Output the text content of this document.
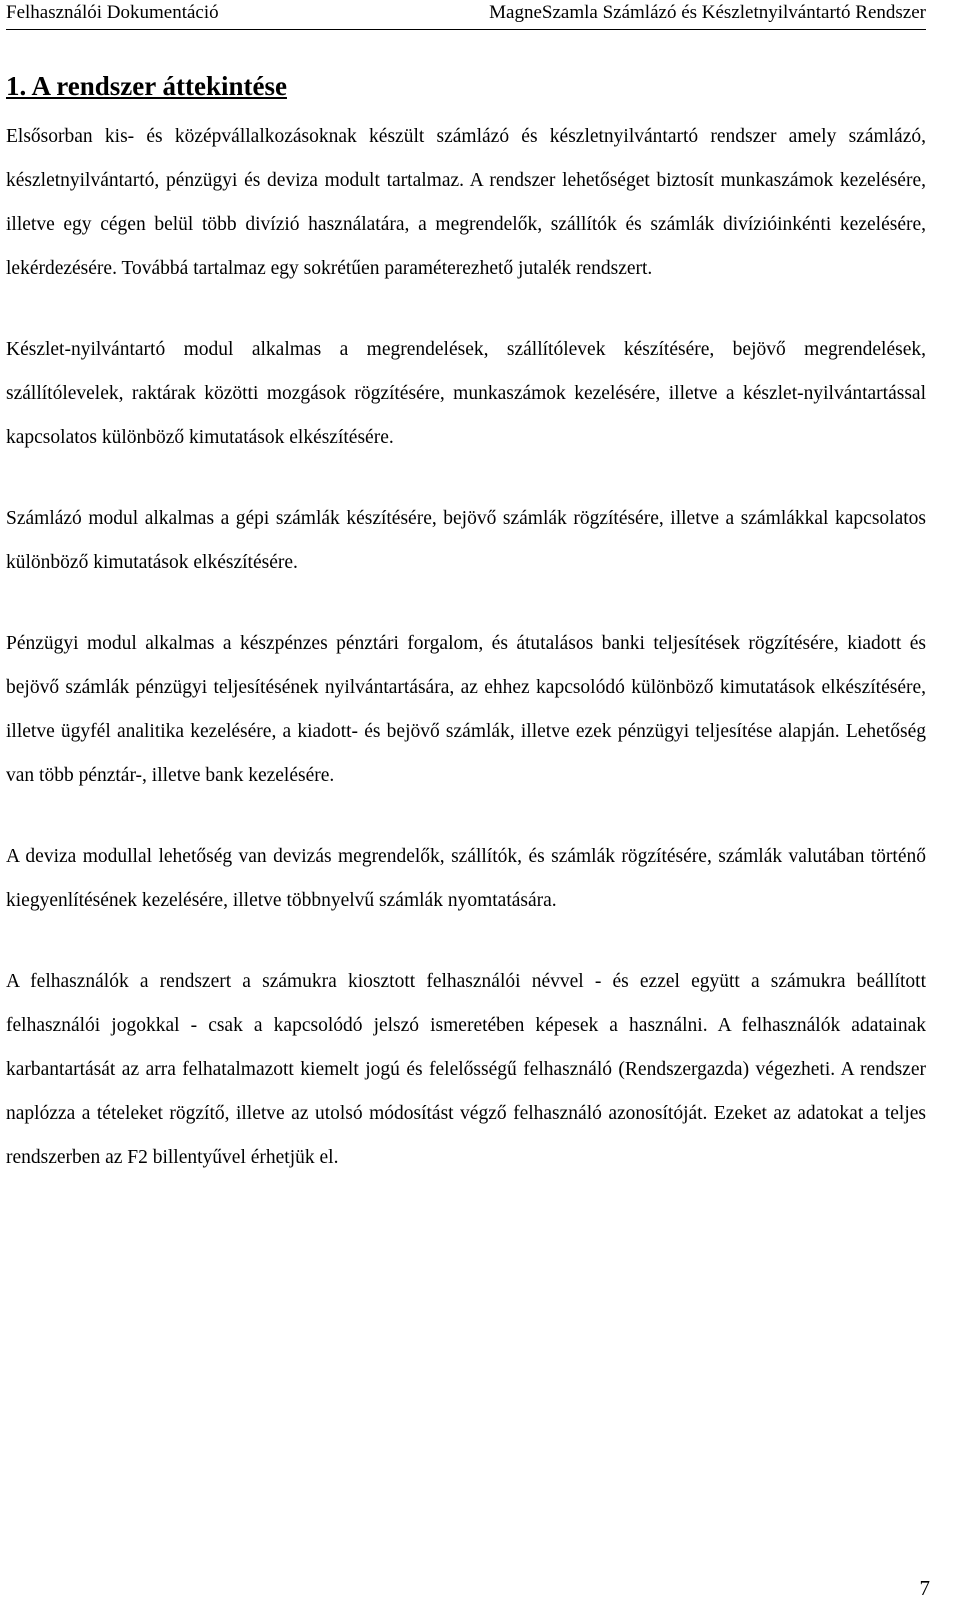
Felhasználói Dokumentáció	MagneSzamla Számlázó és Készletnyilvántartó Rendszer
1. A rendszer áttekintése

Elsősorban kis- és középvállalkozásoknak készült számlázó és készletnyilvántartó rendszer amely számlázó, készletnyilvántartó, pénzügyi és deviza modult tartalmaz. A rendszer lehetőséget biztosít munkaszámok kezelésére, illetve egy cégen belül több divízió használatára, a megrendelők, szállítók és számlák divízióinkénti kezelésére, lekérdezésére. Továbbá tartalmaz egy sokrétűen paraméterezhető jutalék rendszert.

Készlet-nyilvántartó modul alkalmas a megrendelések, szállítólevek készítésére, bejövő megrendelések, szállítólevelek, raktárak közötti mozgások rögzítésére, munkaszámok kezelésére, illetve a készlet-nyilvántartással kapcsolatos különböző kimutatások elkészítésére.

Számlázó modul alkalmas a gépi számlák készítésére, bejövő számlák rögzítésére, illetve a számlákkal kapcsolatos különböző kimutatások elkészítésére.

Pénzügyi modul alkalmas a készpénzes pénztári forgalom, és átutalásos banki teljesítések rögzítésére, kiadott és bejövő számlák pénzügyi teljesítésének nyilvántartására, az ehhez kapcsolódó különböző kimutatások elkészítésére, illetve ügyfél analitika kezelésére, a kiadott- és bejövő számlák, illetve ezek pénzügyi teljesítése alapján. Lehetőség van több pénztár-, illetve bank kezelésére.

A deviza modullal lehetőség van devizás megrendelők, szállítók, és számlák rögzítésére, számlák valutában történő kiegyenlítésének kezelésére, illetve többnyelvű számlák nyomtatására.

A felhasználók a rendszert a számukra kiosztott felhasználói névvel - és ezzel együtt a számukra beállított felhasználói jogokkal - csak a kapcsolódó jelszó ismeretében képesek a használni. A felhasználók adatainak karbantartását az arra felhatalmazott kiemelt jogú és felelősségű felhasználó (Rendszergazda) végezheti. A rendszer naplózza a tételeket rögzítő, illetve az utolsó módosítást végző felhasználó azonosítóját. Ezeket az adatokat a teljes rendszerben az F2 billentyűvel érhetjük el.

7
